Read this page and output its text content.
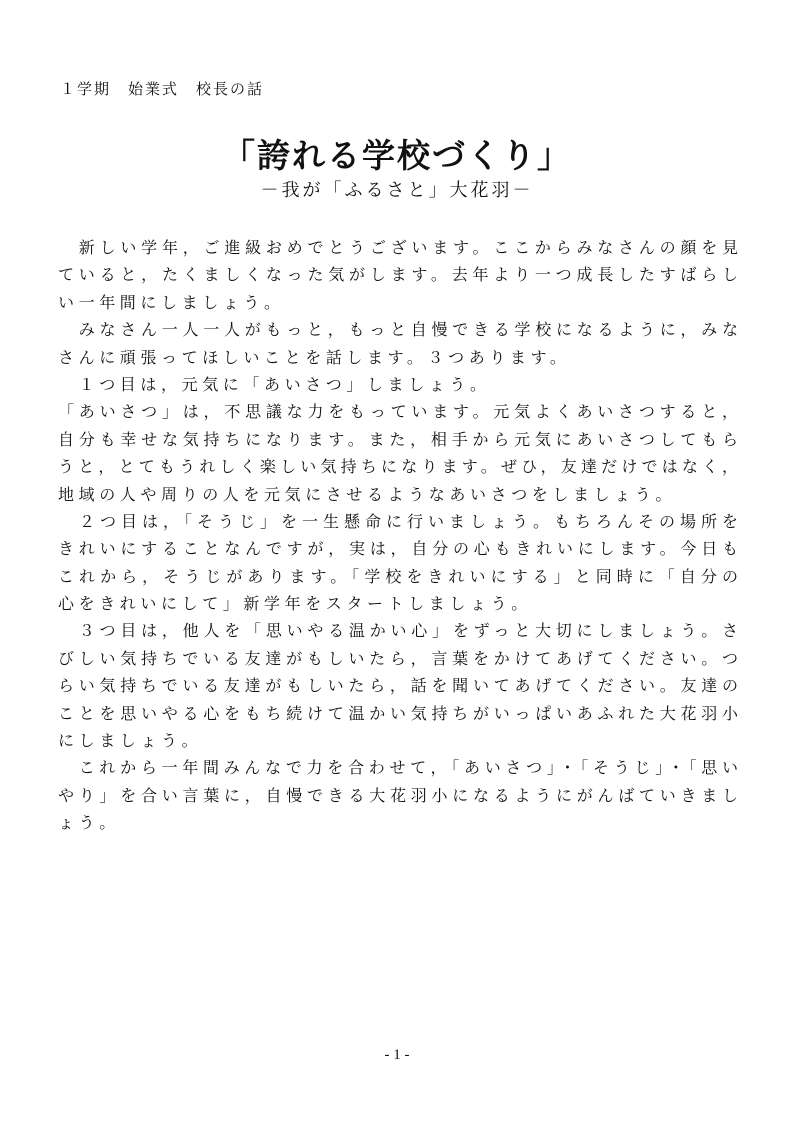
１学期　始業式　校長の話
「誇れる学校づくり」
－我が「ふるさと」大花羽－
　新しい学年，ご進級おめでとうございます。ここからみなさんの顔を見
ていると，たくましくなった気がします。去年より一つ成長したすばらし
い一年間にしましょう。
　みなさん一人一人がもっと，もっと自慢できる学校になるように，みな
さんに頑張ってほしいことを話します。３つあります。
　１つ目は，元気に「あいさつ」しましょう。
「あいさつ」は，不思議な力をもっています。元気よくあいさつすると，
自分も幸せな気持ちになります。また，相手から元気にあいさつしてもら
うと，とてもうれしく楽しい気持ちになります。ぜひ，友達だけではなく，
地域の人や周りの人を元気にさせるようなあいさつをしましょう。
　２つ目は，「そうじ」を一生懸命に行いましょう。もちろんその場所を
きれいにすることなんですが，実は，自分の心もきれいにします。今日も
これから，そうじがあります。「学校をきれいにする」と同時に「自分の
心をきれいにして」新学年をスタートしましょう。
　３つ目は，他人を「思いやる温かい心」をずっと大切にしましょう。さ
びしい気持ちでいる友達がもしいたら，言葉をかけてあげてください。つ
らい気持ちでいる友達がもしいたら，話を聞いてあげてください。友達の
ことを思いやる心をもち続けて温かい気持ちがいっぱいあふれた大花羽小
にしましょう。
　これから一年間みんなで力を合わせて，「あいさつ」・「そうじ」・「思い
やり」を合い言葉に，自慢できる大花羽小になるようにがんばていきまし
ょう。
- 1 -
